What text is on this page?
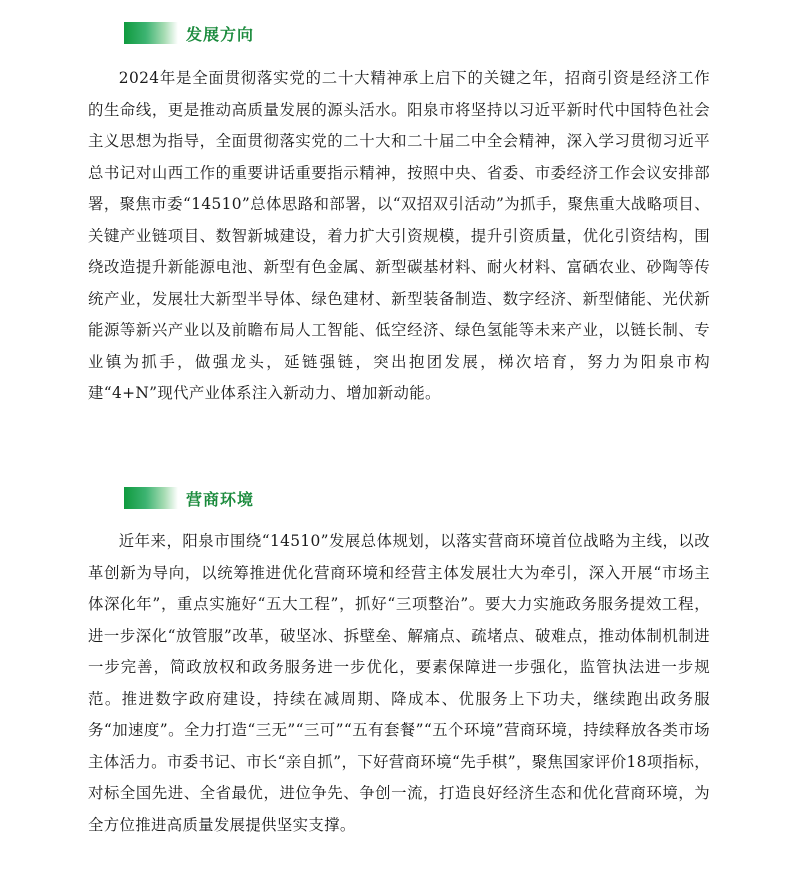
发展方向

2024年是全面贯彻落实党的二十大精神承上启下的关键之年，招商引资是经济工作的生命线，更是推动高质量发展的源头活水。阳泉市将坚持以习近平新时代中国特色社会主义思想为指导，全面贯彻落实党的二十大和二十届二中全会精神，深入学习贯彻习近平总书记对山西工作的重要讲话重要指示精神，按照中央、省委、市委经济工作会议安排部署，聚焦市委“14510”总体思路和部署，以“双招双引活动”为抓手，聚焦重大战略项目、关键产业链项目、数智新城建设，着力扩大引资规模，提升引资质量，优化引资结构，围绕改造提升新能源电池、新型有色金属、新型碳基材料、耐火材料、富硒农业、砂陶等传统产业，发展壮大新型半导体、绿色建材、新型装备制造、数字经济、新型储能、光伏新能源等新兴产业以及前瞻布局人工智能、低空经济、绿色氢能等未来产业，以链长制、专业镇为抓手，做强龙头，延链强链，突出抱团发展，梯次培育，努力为阳泉市构建“4+N”现代产业体系注入新动力、增加新动能。

营商环境

近年来，阳泉市围绕“14510”发展总体规划，以落实营商环境首位战略为主线，以改革创新为导向，以统筹推进优化营商环境和经营主体发展壮大为牵引，深入开展“市场主体深化年”，重点实施好“五大工程”，抓好“三项整治”。要大力实施政务服务提效工程，进一步深化“放管服”改革，破坚冰、拆壁垒、解痛点、疏堵点、破难点，推动体制机制进一步完善，简政放权和政务服务进一步优化，要素保障进一步强化，监管执法进一步规范。推进数字政府建设，持续在减周期、降成本、优服务上下功夫，继续跑出政务服务“加速度”。全力打造“三无”“三可”“五有套餐”“五个环境”营商环境，持续释放各类市场主体活力。市委书记、市长“亲自抓”，下好营商环境“先手棋”，聚焦国家评价18项指标，对标全国先进、全省最优，进位争先、争创一流，打造良好经济生态和优化营商环境，为全方位推进高质量发展提供坚实支撑。
